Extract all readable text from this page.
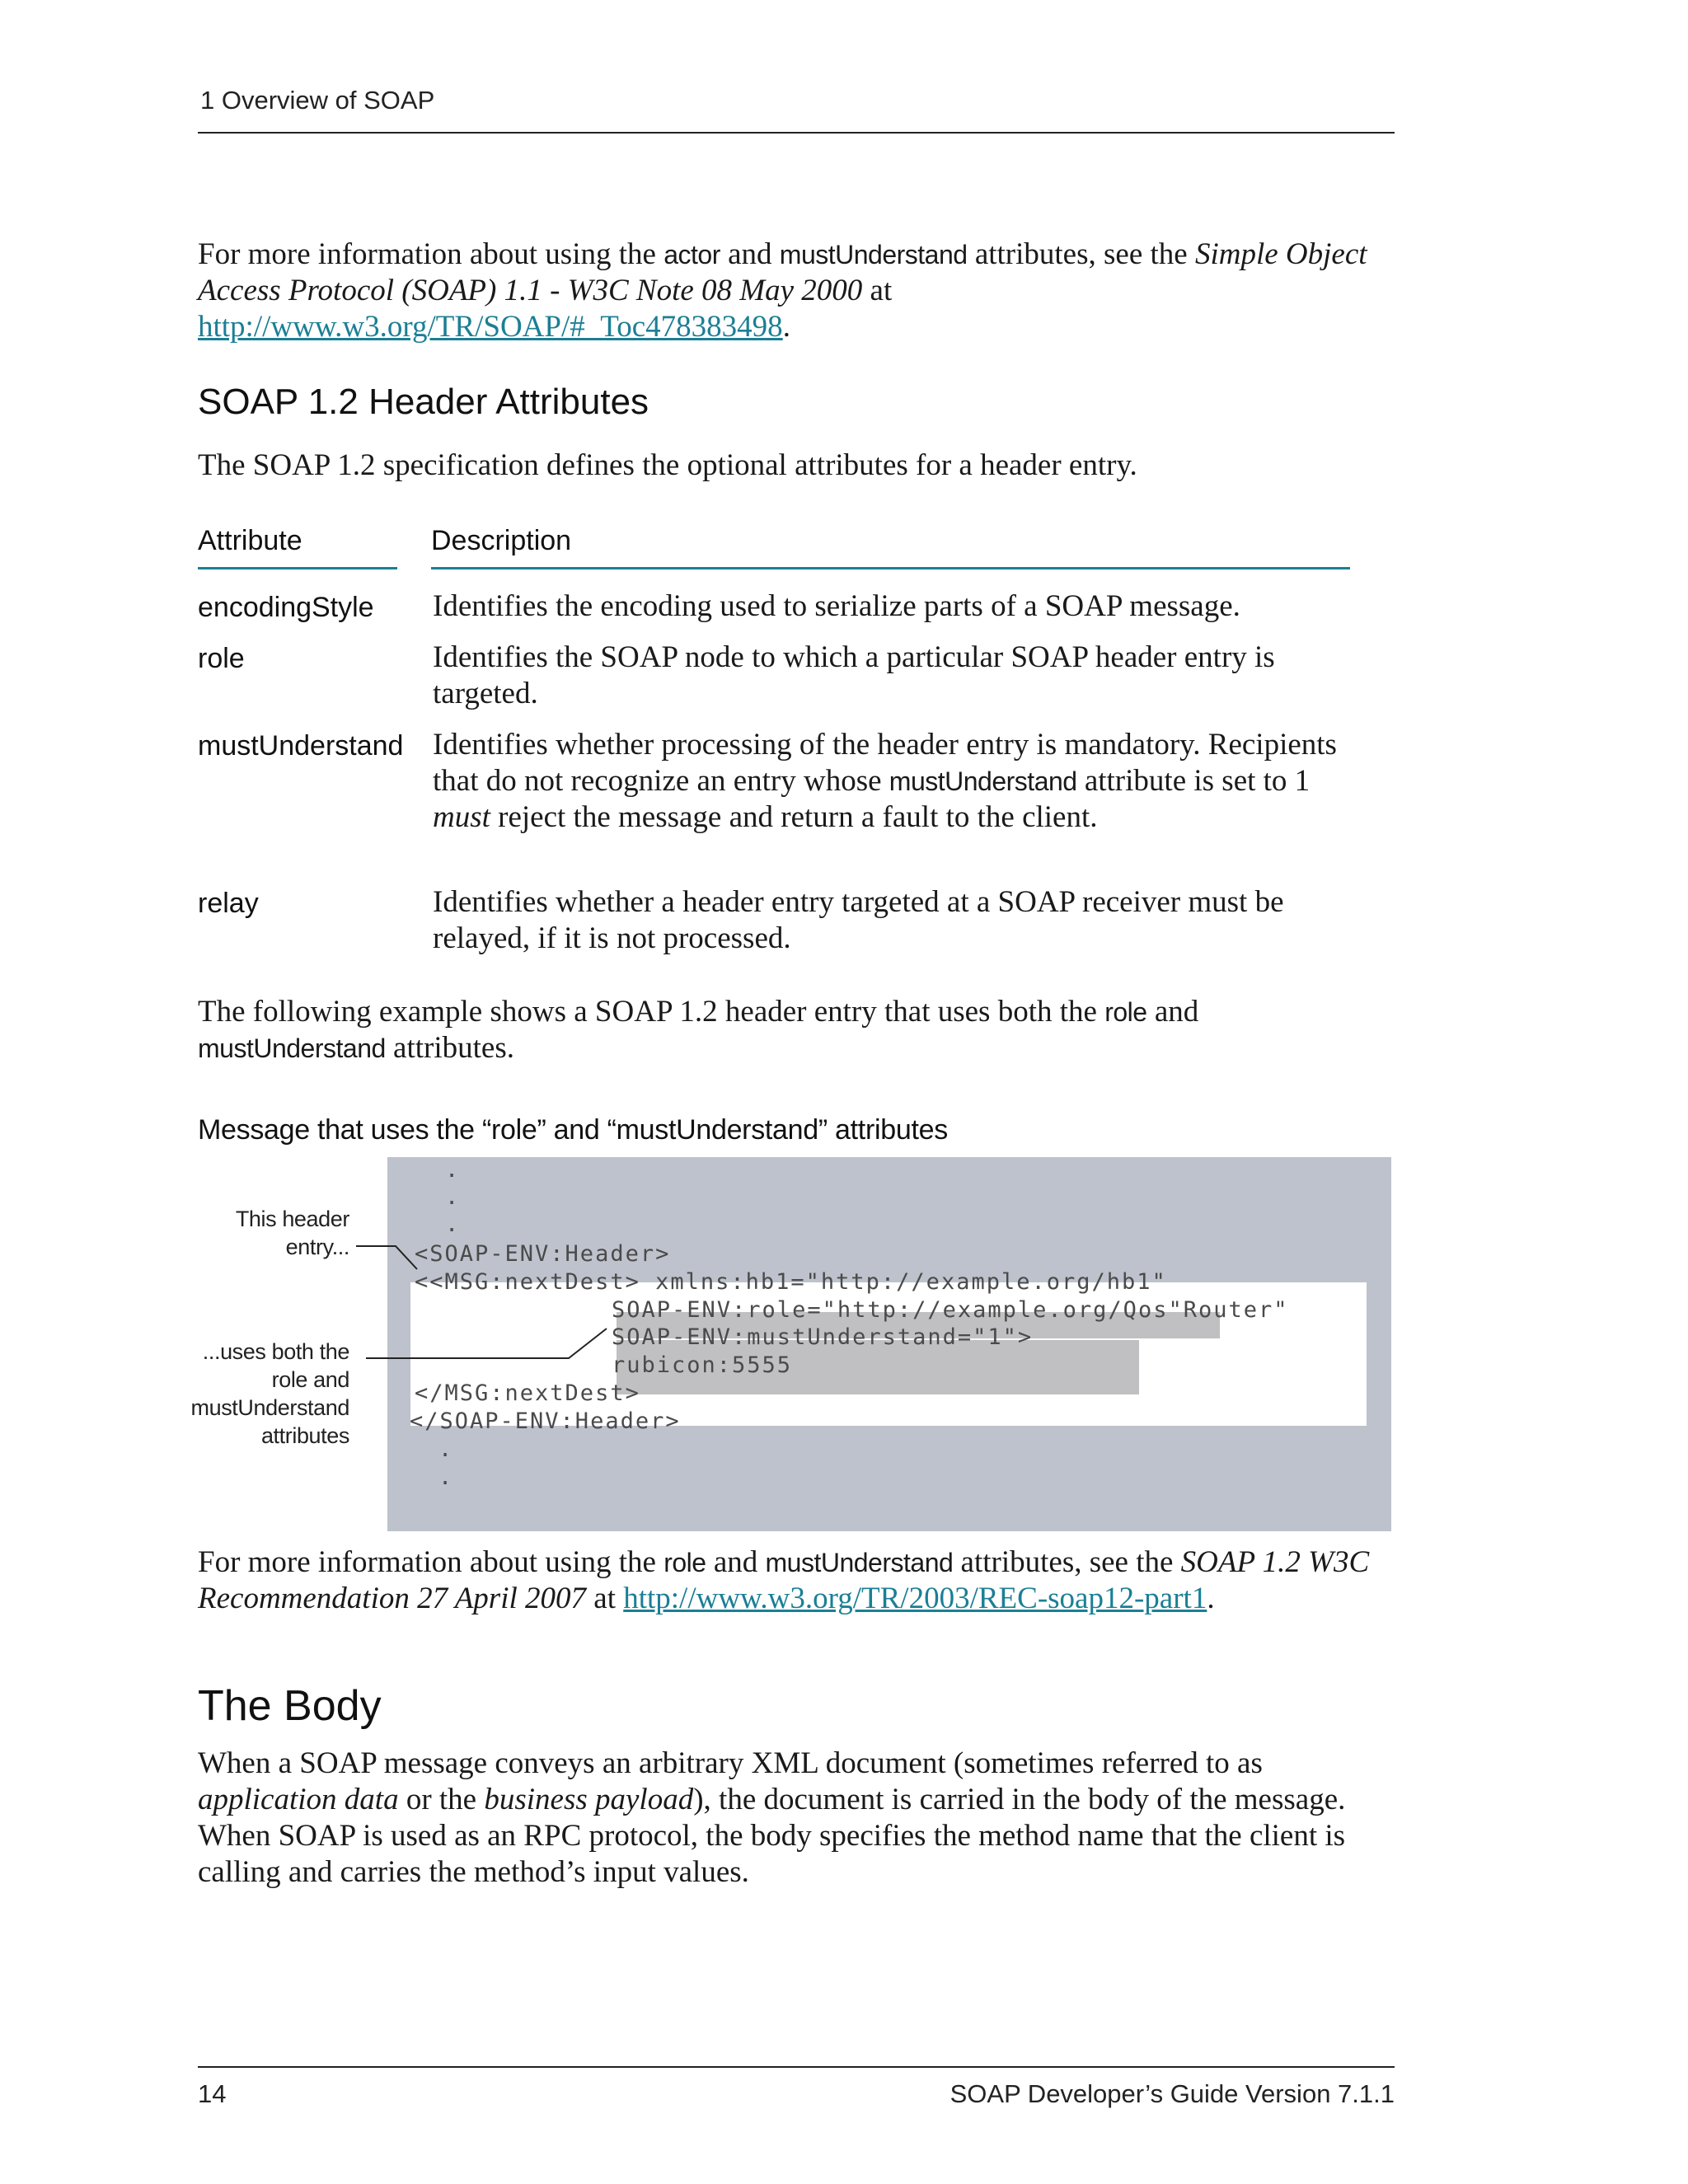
1 Overview of SOAP

For more information about using the actor and mustUnderstand attributes, see the Simple Object Access Protocol (SOAP) 1.1 - W3C Note 08 May 2000 at
http://www.w3.org/TR/SOAP/#_Toc478383498.

SOAP 1.2 Header Attributes

The SOAP 1.2 specification defines the optional attributes for a header entry.

Attribute	Description
encodingStyle Identifies the encoding used to serialize parts of a SOAP message.

role	Identifies the SOAP node to which a particular SOAP header entry is targeted.

mustUnderstand Identifies whether processing of the header entry is mandatory. Recipients that do not recognize an entry whose mustUnderstand attribute is set to 1 must reject the message and return a fault to the client.

relay	Identifies whether a header entry targeted at a SOAP receiver must be relayed, if it is not processed.

The following example shows a SOAP 1.2 header entry that uses both the role and
mustUnderstand attributes.

Message that uses the “role” and “mustUnderstand” attributes
.
.
.
<SOAP-ENV:Header>
<<MSG:nextDest> xmlns:hb1="http://example.org/hb1"
SOAP-ENV:role="http://example.org/Qos"Router"
SOAP-ENV:mustUnderstand="1">
rubicon:5555
</MSG:nextDest>
</SOAP-ENV:Header>
.
.
This header
entry...
...uses both the
role and
mustUnderstand
attributes

For more information about using the role and mustUnderstand attributes, see the SOAP 1.2 W3C Recommendation 27 April 2007 at http://www.w3.org/TR/2003/REC-soap12-part1.

The Body

When a SOAP message conveys an arbitrary XML document (sometimes referred to as application data or the business payload), the document is carried in the body of the message. When SOAP is used as an RPC protocol, the body specifies the method name that the client is calling and carries the method’s input values.

14	SOAP Developer’s Guide Version 7.1.1
